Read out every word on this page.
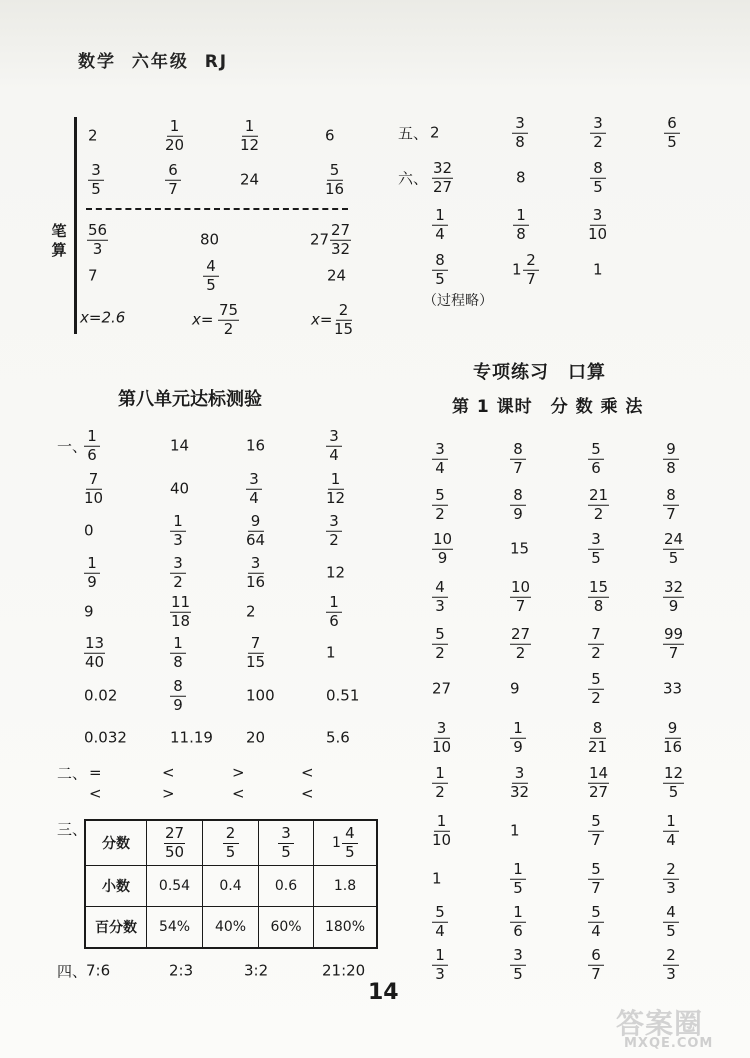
数学 六年级 RJ
笔算
2	$\frac{1}{20}$	$\frac{1}{12}$	6
$\frac{3}{5}$	$\frac{6}{7}$	24	$\frac{5}{16}$
$\frac{56}{3}$	80	$27 \frac{27}{32}$
7	$\frac{4}{5}$	24
x=2.6	$x= \frac{75}{2}$	$x= \frac{2}{15}$
五、 2	$\frac{3}{8}$	$\frac{3}{2}$	$\frac{6}{5}$
六、 $\frac{32}{27}$	8	$\frac{8}{5}$
$\frac{1}{4}$	$\frac{1}{8}$	$\frac{3}{10}$
$\frac{8}{5}$	$1 \frac{2}{7}$	1
（过程略）
第八单元达标测验
一、
$\frac{1}{6}$	14	16	$\frac{3}{4}$
$\frac{7}{10}$	40	$\frac{3}{4}$	$\frac{1}{12}$
0	$\frac{1}{3}$	$\frac{9}{64}$	$\frac{3}{2}$
$\frac{1}{9}$	$\frac{3}{2}$	$\frac{3}{16}$	12
9	$\frac{11}{18}$	2	$\frac{1}{6}$
$\frac{13}{40}$	$\frac{1}{8}$	$\frac{7}{15}$	1
0.02	$\frac{8}{9}$	100	0.51
0.032	11.19 20	5.6
二、 =	<	>	<
<	>	<	<
三、
四、
7:6	2:3	3:2	21:20
分数	$\frac{27}{50}$	$\frac{2}{5}$	$\frac{3}{5}$	$1 \frac{4}{5}$

小数	0.54	0.4	0.6	1.8
百分数	54%	40%	60%	180%
专项练习　口算
第 1 课时　分 数 乘 法
$\frac{3}{4}$	$\frac{8}{7}$	$\frac{5}{6}$	$\frac{9}{8}$
$\frac{5}{2}$	$\frac{8}{9}$	$\frac{21}{2}$	$\frac{8}{7}$
$\frac{10}{9}$	15	$\frac{3}{5}$	$\frac{24}{5}$
$\frac{4}{3}$	$\frac{10}{7}$	$\frac{15}{8}$	$\frac{32}{9}$
$\frac{5}{2}$	$\frac{27}{2}$	$\frac{7}{2}$	$\frac{99}{7}$
27	9	$\frac{5}{2}$	33
$\frac{3}{10}$	$\frac{1}{9}$	$\frac{8}{21}$	$\frac{9}{16}$
$\frac{1}{2}$	$\frac{3}{32}$	$\frac{14}{27}$	$\frac{12}{5}$
$\frac{1}{10}$	1	$\frac{5}{7}$	$\frac{1}{4}$
1	$\frac{1}{5}$	$\frac{5}{7}$	$\frac{2}{3}$
$\frac{5}{4}$	$\frac{1}{6}$	$\frac{5}{4}$	$\frac{4}{5}$
$\frac{1}{3}$	$\frac{3}{5}$	$\frac{6}{7}$	$\frac{2}{3}$
14
答案圈
MXQE.COM
